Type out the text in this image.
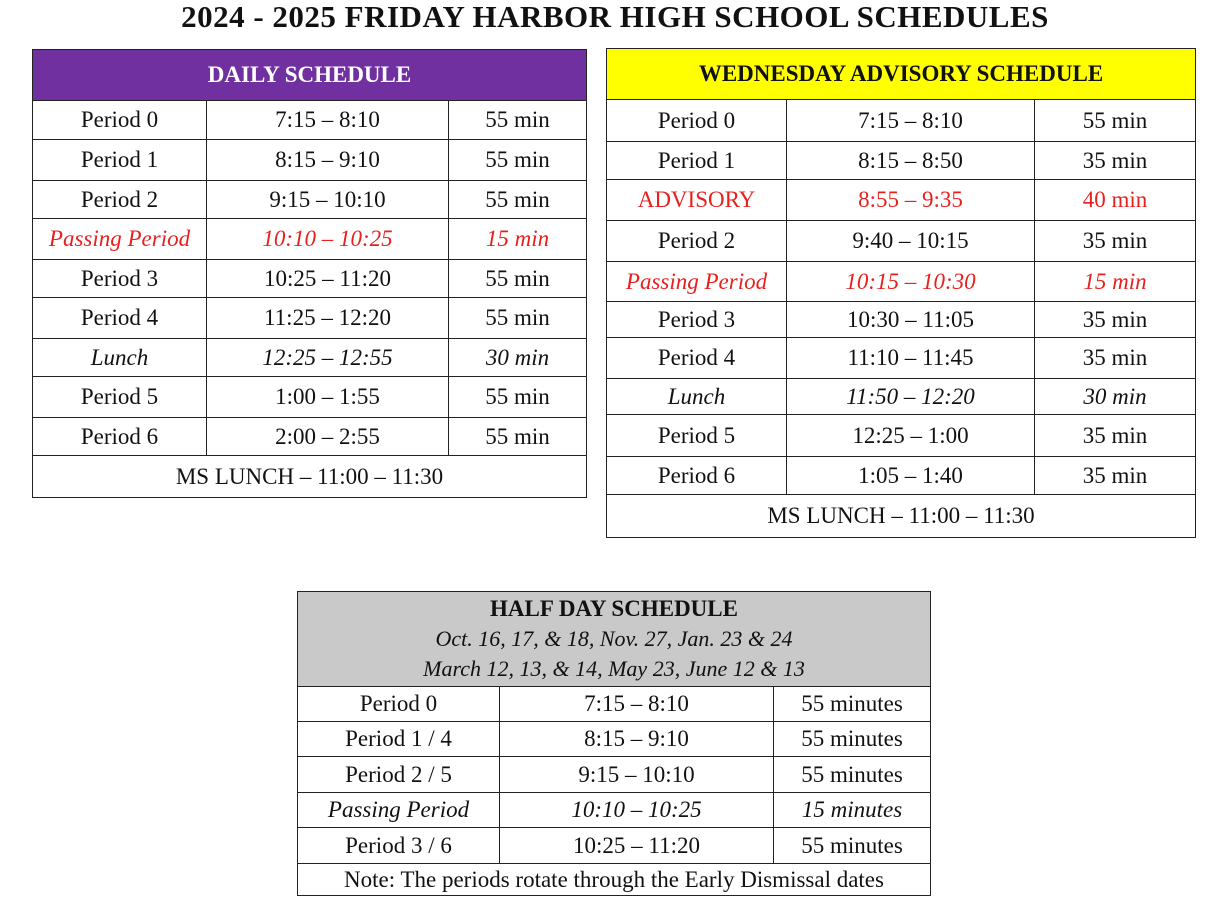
2024 - 2025 FRIDAY HARBOR HIGH SCHOOL SCHEDULES
DAILY SCHEDULE		
Period 0	7:15 – 8:10	55 min
Period 1	8:15 – 9:10	55 min
Period 2	9:15 – 10:10	55 min
Passing Period	10:10 – 10:25	15 min
Period 3	10:25 – 11:20	55 min
Period 4	11:25 – 12:20	55 min
Lunch	12:25 – 12:55	30 min
Period 5	1:00 – 1:55	55 min
Period 6	2:00 – 2:55	55 min
MS LUNCH – 11:00 – 11:30		
WEDNESDAY ADVISORY SCHEDULE		
Period 0	7:15 – 8:10	55 min
Period 1	8:15 – 8:50	35 min
ADVISORY	8:55 – 9:35	40 min
Period 2	9:40 – 10:15	35 min
Passing Period	10:15 – 10:30	15 min
Period 3	10:30 – 11:05	35 min
Period 4	11:10 – 11:45	35 min
Lunch	11:50 – 12:20	30 min
Period 5	12:25 – 1:00	35 min
Period 6	1:05 – 1:40	35 min
MS LUNCH – 11:00 – 11:30		
HALF DAY SCHEDULE
Oct. 16, 17, & 18, Nov. 27, Jan. 23 & 24
March 12, 13, & 14, May 23, June 12 & 13		

Period 0	7:15 – 8:10	55 minutes
Period 1 / 4	8:15 – 9:10	55 minutes
Period 2 / 5	9:15 – 10:10	55 minutes
Passing Period	10:10 – 10:25	15 minutes
Period 3 / 6	10:25 – 11:20	55 minutes
Note: The periods rotate through the Early Dismissal dates		
